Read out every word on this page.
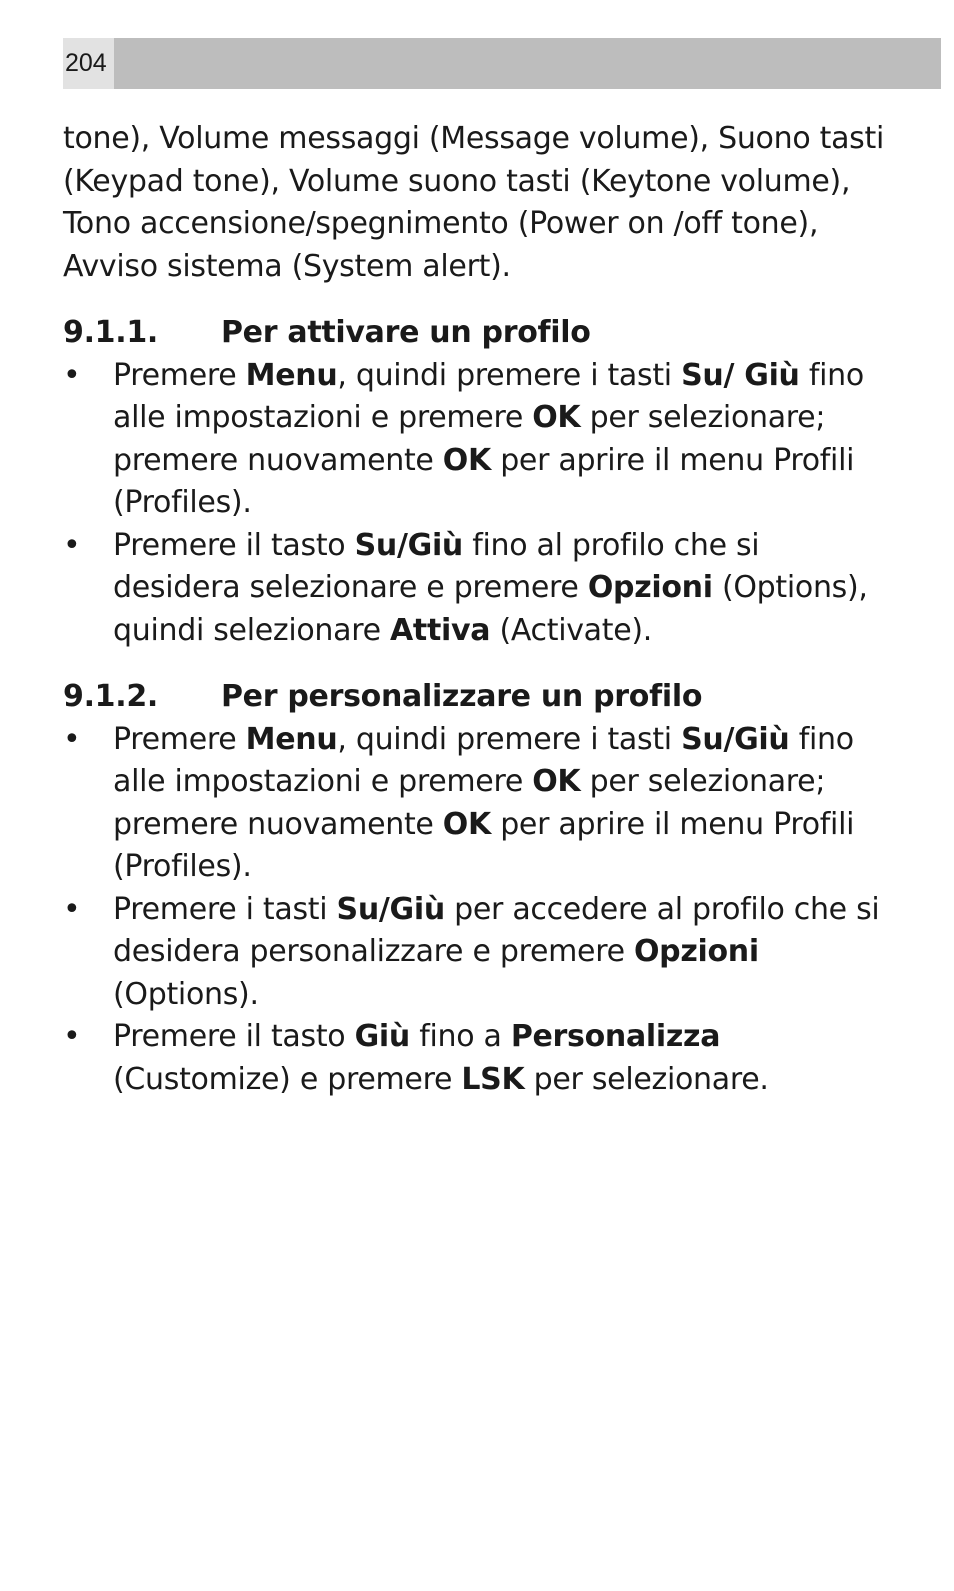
204

tone), Volume messaggi (Message volume), Suono tasti (Keypad tone), Volume suono tasti (Keytone volume), Tono accensione/spegnimento (Power on /off tone), Avviso sistema (System alert).

9.1.1.	Per attivare un profilo
• Premere Menu, quindi premere i tasti Su/ Giù fino alle impostazioni e premere OK per selezionare; premere nuovamente OK per aprire il menu Profili (Profiles).
• Premere il tasto Su/Giù fino al profilo che si desidera selezionare e premere Opzioni (Options), quindi selezionare Attiva (Activate).
9.1.2.	Per personalizzare un profilo
• Premere Menu, quindi premere i tasti Su/Giù fino alle impostazioni e premere OK per selezionare; premere nuovamente OK per aprire il menu Profili (Profiles).
• Premere i tasti Su/Giù per accedere al profilo che si desidera personalizzare e premere Opzioni (Options).
• Premere il tasto Giù fino a Personalizza (Customize) e premere LSK per selezionare.
